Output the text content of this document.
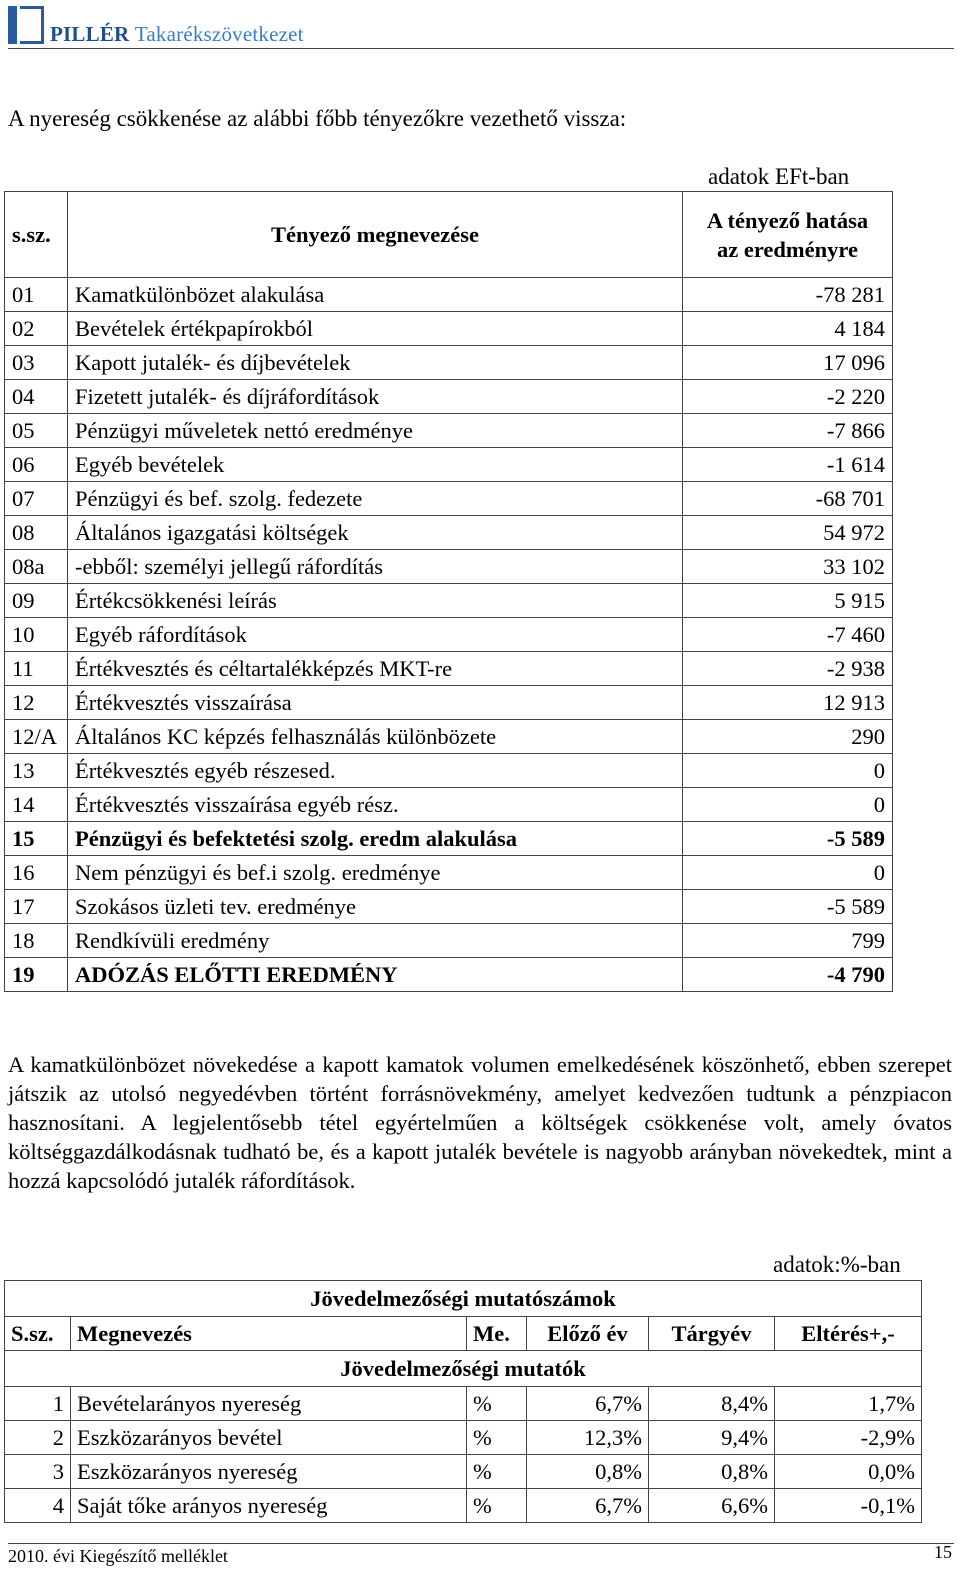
PILLÉR Takarékszövetkezet
A nyereség csökkenése az alábbi főbb tényezőkre vezethető vissza:
adatok EFt-ban
s.sz.	Tényező megnevezése	A tényező hatása
az eredményre
01	Kamatkülönbözet alakulása	-78 281
02	Bevételek értékpapírokból	4 184
03	Kapott jutalék- és díjbevételek	17 096
04	Fizetett jutalék- és díjráfordítások	-2 220
05	Pénzügyi műveletek nettó eredménye	-7 866
06	Egyéb bevételek	-1 614
07	Pénzügyi és bef. szolg. fedezete	-68 701
08	Általános igazgatási költségek	54 972
08a	-ebből: személyi jellegű ráfordítás	33 102
09	Értékcsökkenési leírás	5 915
10	Egyéb ráfordítások	-7 460
11	Értékvesztés és céltartalékképzés MKT-re	-2 938
12	Értékvesztés visszaírása	12 913
12/A	Általános KC képzés felhasználás különbözete	290
13	Értékvesztés egyéb részesed.	0
14	Értékvesztés visszaírása egyéb rész.	0
15	Pénzügyi és befektetési szolg. eredm alakulása	-5 589
16	Nem pénzügyi és bef.i szolg. eredménye	0
17	Szokásos üzleti tev. eredménye	-5 589
18	Rendkívüli eredmény	799
19	ADÓZÁS ELŐTTI EREDMÉNY	-4 790
A kamatkülönbözet növekedése a kapott kamatok volumen emelkedésének köszönhető, ebben szerepet játszik az utolsó negyedévben történt forrásnövekmény, amelyet kedvezően tudtunk a pénzpiacon hasznosítani. A legjelentősebb tétel egyértelműen a költségek csökkenése volt, amely óvatos költséggazdálkodásnak tudható be, és a kapott jutalék bevétele is nagyobb arányban növekedtek, mint a hozzá kapcsolódó jutalék ráfordítások.
adatok:%-ban
Jövedelmezőségi mutatószámok					
S.sz.	Megnevezés	Me.	Előző év	Tárgyév	Eltérés+,-
Jövedelmezőségi mutatók					
1	Bevételarányos nyereség	%	6,7%	8,4%	1,7%
2	Eszközarányos bevétel	%	12,3%	9,4%	-2,9%
3	Eszközarányos nyereség	%	0,8%	0,8%	0,0%
4	Saját tőke arányos nyereség	%	6,7%	6,6%	-0,1%
2010. évi Kiegészítő melléklet	15
